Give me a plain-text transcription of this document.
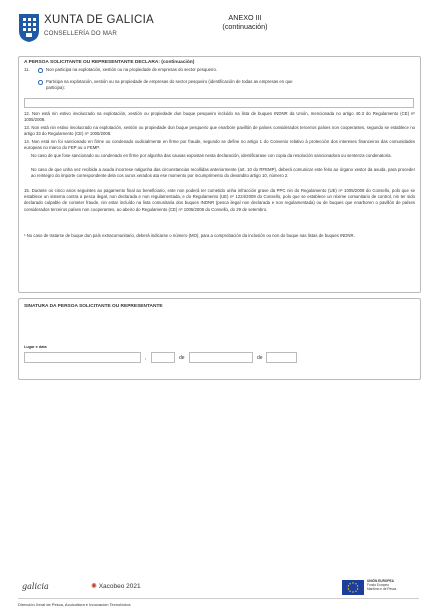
XUNTA DE GALICIA
CONSELLERÍA DO MAR
ANEXO III
(continuación)
A PERSOA SOLICITANTE OU REPRESENTANTE DECLARA: (continuación)
11.	Non participa na explotación, xestión ou na propiedade de empresas do sector pesqueiro.
Participa na explotación, xestión ou na propiedade de empresas do sector pesqueiro (identificación de todas as empresas en que
participa):
12. Non está nin estivo involucrado na explotación, xestión ou propiedade dun buque pesqueiro incluído na lista de buques INDNR da Unión, mencionada no artigo 40.3 do Regulamento (CE) nº 1005/2008.
13. Non está nin estivo involucrado na explotación, xestión ou propiedade dun buque pesqueiro que enarbore pavillón de países considerados terceiros países non cooperantes, segundo se establece no artigo 33 do Regulamento (CE) nº 1005/2008.
14. Non está nin foi sancionado en firme ou condenado xudicialmente en firme por fraude, segundo se define no artigo 1 do Convenio relativo á protección dos intereses financeiros das comunidades europeas no marco do FEP ou o FEMP.
No caso de que fose sancionado ou condenado en firme por algunha das causas expostas nesta declaración, identificarase con copia da resolución sancionadora ou sentenza condenatoria.
No caso de que unha vez recibida a axuda incorrese nalgunha das circunstancias recollidas anteriormente (art. 10 do RFEMP), deberá comunicar este feito ao órgano xestor da axuda, para proceder ao reintegro do importe correspondente dela cos xuros xerados ata ese momento por incumprimento do devandito artigo 10, número 2.
15. Durante os cinco anos seguintes ao pagamento final ao beneficiario, este non poderá ter cometido unha infracción grave da PPC nin do Regulamento (UE) nº 1005/2008 do Consello, polo que se establece un sistema contra a pesca ilegal, non declarada e non regulamentada, e do Regulamento (UE) nº 1224/2009 do Consello, polo que se establece un réxime comunitario de control, nin ter sido declarado culpable de cometer fraude, nin estar incluído na lista comunitaria dos buques INDNR (pesca ilegal non declarada e non regulamentada) ou de buques que enarboren o pavillón de países considerados terceiros países non cooperantes, ao abeiro do Regulamento (CE) nº 1005/2008 do Consello, do 29 de setembro.
¹ No caso de tratarse de buque dun país extracomunitario, deberá indicarse o número (MO), para a comprobación da inclusión ou non do buque nas listas de buques INDNR.
SINATURA DA PERSOA SOLICITANTE OU REPRESENTANTE
Lugar e data
,	de	de
galicia	✺ Xacobeo 2021
UNIÓN EUROPEA
Fondo Europeo
Marítimo e de Pesca
Dirección Xeral de Pesca, Acuicultura e Innovación Tecnolóxica
